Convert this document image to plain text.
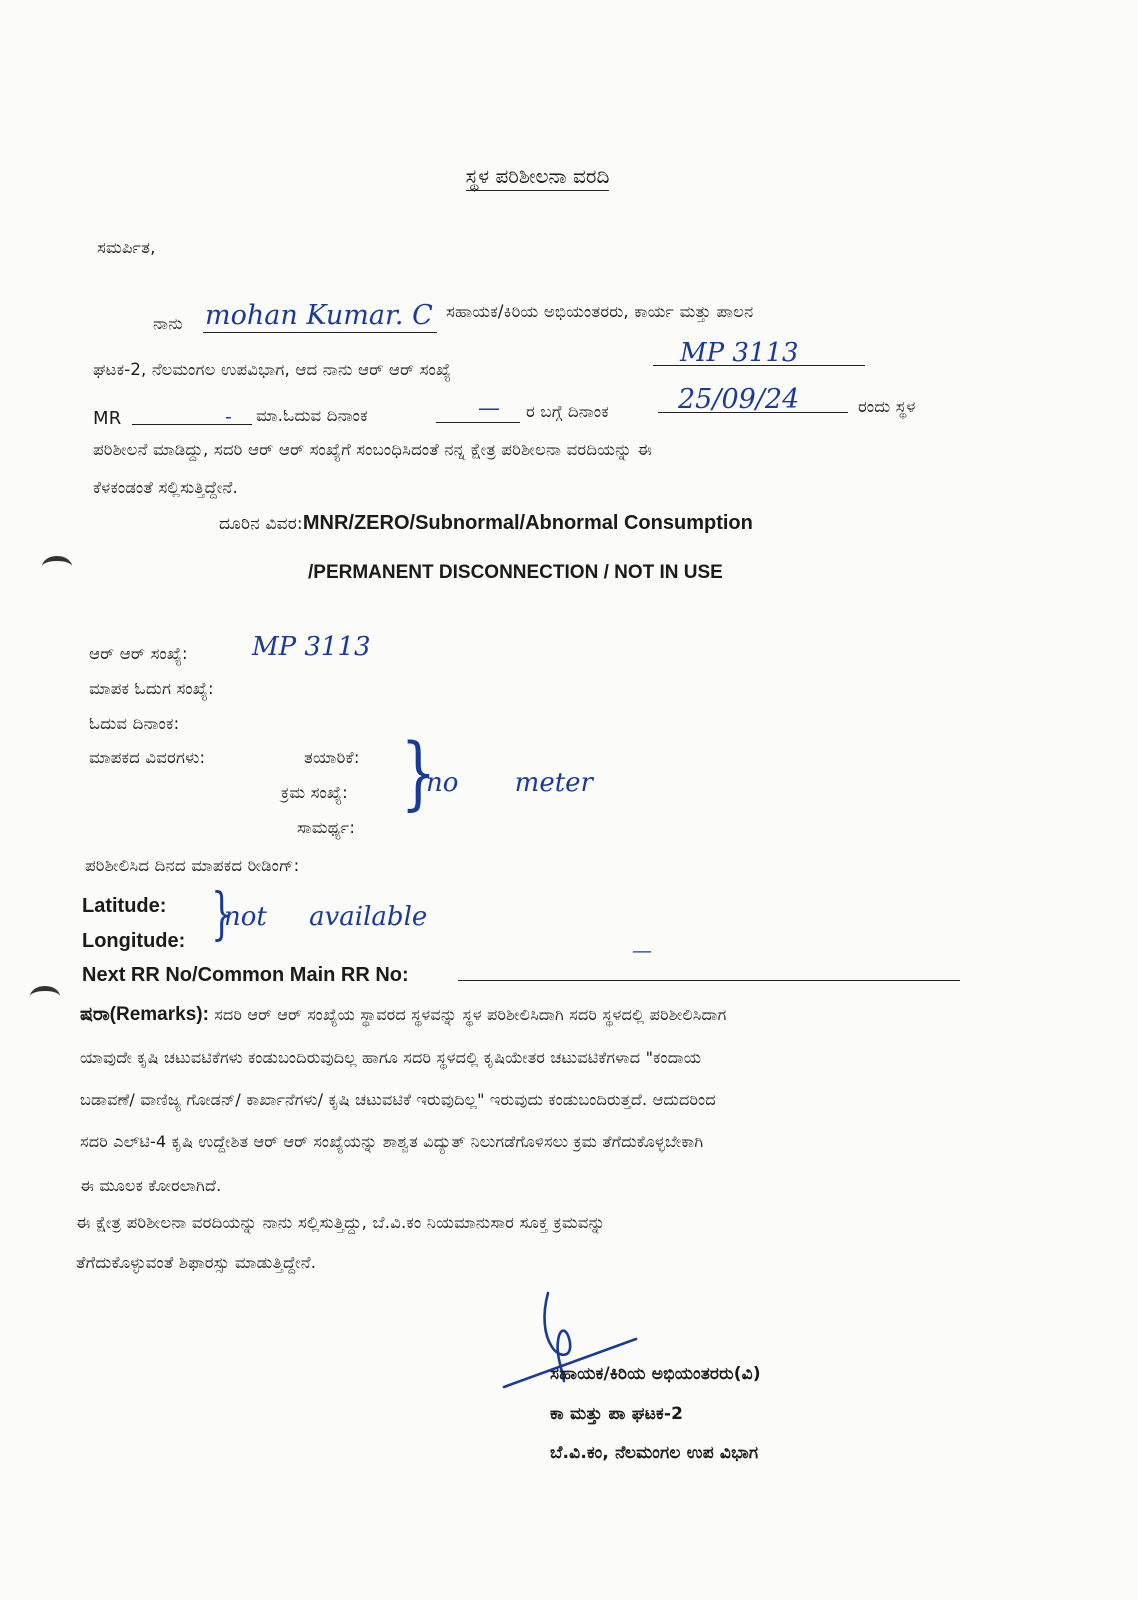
ಸ್ಥಳ ಪರಿಶೀಲನಾ ವರದಿ
ಸಮರ್ಪಿತ,
ನಾನು mohan Kumar. C ಸಹಾಯಕ/ಕಿರಿಯ ಅಭಿಯಂತರರು, ಕಾರ್ಯ ಮತ್ತು ಪಾಲನ
ಘಟಕ-2, ನೆಲಮಂಗಲ ಉಪವಿಭಾಗ, ಆದ ನಾನು ಆರ್ ಆರ್ ಸಂಖ್ಯೆ
MP 3113
MR	- ಮಾ.ಓದುವ ದಿನಾಂಕ	— ರ ಬಗ್ಗೆ ದಿನಾಂಕ	25/09/24	ರಂದು ಸ್ಥಳ
ಪರಿಶೀಲನೆ ಮಾಡಿದ್ದು, ಸದರಿ ಆರ್ ಆರ್ ಸಂಖ್ಯೆಗೆ ಸಂಬಂಧಿಸಿದಂತೆ ನನ್ನ ಕ್ಷೇತ್ರ ಪರಿಶೀಲನಾ ವರದಿಯನ್ನು ಈ
ಕೆಳಕಂಡಂತೆ ಸಲ್ಲಿಸುತ್ತಿದ್ದೇನೆ.
ದೂರಿನ ವಿವರ:MNR/ZERO/Subnormal/Abnormal Consumption
/PERMANENT DISCONNECTION / NOT IN USE
ಆರ್ ಆರ್ ಸಂಖ್ಯೆ: MP 3113
ಮಾಪಕ ಓದುಗ ಸಂಖ್ಯೆ:
ಓದುವ ದಿನಾಂಕ:
ಮಾಪಕದ ವಿವರಗಳು:	ತಯಾರಿಕೆ:
ಕ್ರಮ ಸಂಖ್ಯೆ:
ಸಾಮರ್ಥ್ಯ:
}
no meter
ಪರಿಶೀಲಿಸಿದ ದಿನದ ಮಾಪಕದ ರೀಡಿಂಗ್:
Latitude:
Longitude: }
not available
Next RR No/Common Main RR No:
—
ಷರಾ(Remarks): ಸದರಿ ಆರ್ ಆರ್ ಸಂಖ್ಯೆಯ ಸ್ಥಾವರದ ಸ್ಥಳವನ್ನು ಸ್ಥಳ ಪರಿಶೀಲಿಸಿದಾಗಿ ಸದರಿ ಸ್ಥಳದಲ್ಲಿ ಪರಿಶೀಲಿಸಿದಾಗ
ಯಾವುದೇ ಕೃಷಿ ಚಟುವಟಿಕೆಗಳು ಕಂಡುಬಂದಿರುವುದಿಲ್ಲ ಹಾಗೂ ಸದರಿ ಸ್ಥಳದಲ್ಲಿ ಕೃಷಿಯೇತರ ಚಟುವಟಿಕೆಗಳಾದ "ಕಂದಾಯ
ಬಡಾವಣೆ/ ವಾಣಿಜ್ಯ ಗೋಡನ್/ ಕಾರ್ಖಾನೆಗಳು/ ಕೃಷಿ ಚಟುವಟಿಕೆ ಇರುವುದಿಲ್ಲ" ಇರುವುದು ಕಂಡುಬಂದಿರುತ್ತದೆ. ಆದುದರಿಂದ
ಸದರಿ ಎಲ್‌ಟಿ-4 ಕೃಷಿ ಉದ್ದೇಶಿತ ಆರ್ ಆರ್ ಸಂಖ್ಯೆಯನ್ನು ಶಾಶ್ವತ ವಿದ್ಯುತ್ ನಿಲುಗಡೆಗೊಳಿಸಲು ಕ್ರಮ ತೆಗೆದುಕೊಳ್ಳಬೇಕಾಗಿ
ಈ ಮೂಲಕ ಕೋರಲಾಗಿದೆ.
ಈ ಕ್ಷೇತ್ರ ಪರಿಶೀಲನಾ ವರದಿಯನ್ನು ನಾನು ಸಲ್ಲಿಸುತ್ತಿದ್ದು, ಬೆ.ವಿ.ಕಂ ನಿಯಮಾನುಸಾರ ಸೂಕ್ತ ಕ್ರಮವನ್ನು
ತೆಗೆದುಕೊಳ್ಳುವಂತೆ ಶಿಫಾರಸ್ಸು ಮಾಡುತ್ತಿದ್ದೇನೆ.
ಸಹಾಯಕ/ಕಿರಿಯ ಅಭಿಯಂತರರು(ವಿ)
ಕಾ ಮತ್ತು ಪಾ ಘಟಕ-2
ಬೆ.ವಿ.ಕಂ, ನೆಲಮಂಗಲ ಉಪ ವಿಭಾಗ
